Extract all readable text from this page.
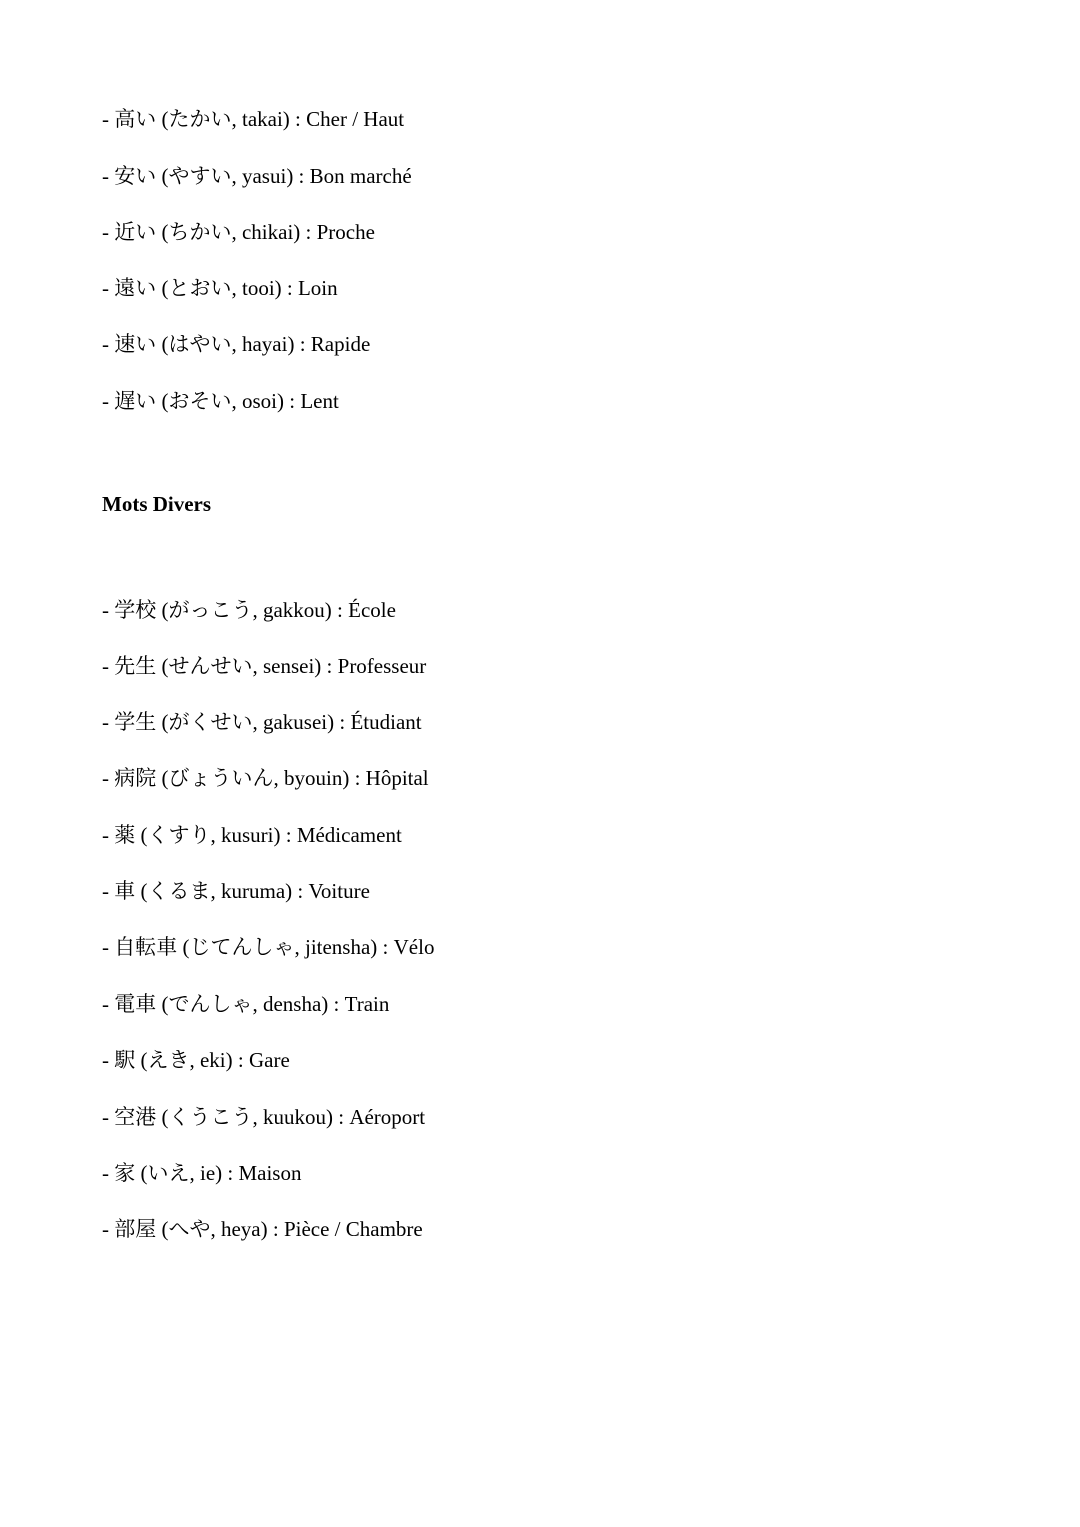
- 高い (たかい, takai) : Cher / Haut
- 安い (やすい, yasui) : Bon marché
- 近い (ちかい, chikai) : Proche
- 遠い (とおい, tooi) : Loin
- 速い (はやい, hayai) : Rapide
- 遅い (おそい, osoi) : Lent
Mots Divers
- 学校 (がっこう, gakkou) : École
- 先生 (せんせい, sensei) : Professeur
- 学生 (がくせい, gakusei) : Étudiant
- 病院 (びょういん, byouin) : Hôpital
- 薬 (くすり, kusuri) : Médicament
- 車 (くるま, kuruma) : Voiture
- 自転車 (じてんしゃ, jitensha) : Vélo
- 電車 (でんしゃ, densha) : Train
- 駅 (えき, eki) : Gare
- 空港 (くうこう, kuukou) : Aéroport
- 家 (いえ, ie) : Maison
- 部屋 (へや, heya) : Pièce / Chambre
